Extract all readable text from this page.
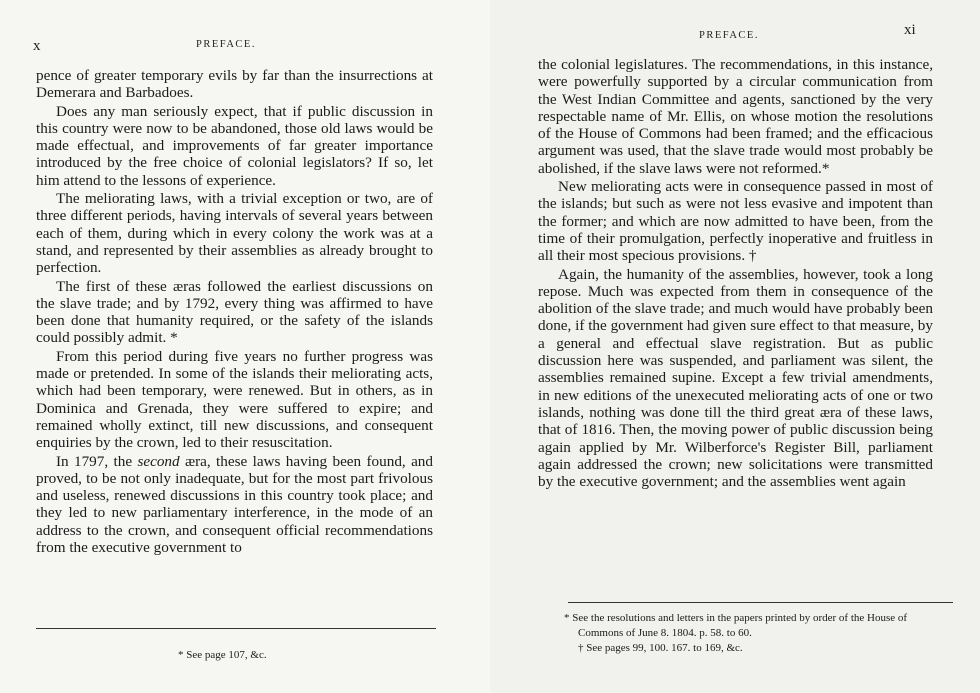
x	PREFACE.

pence of greater temporary evils by far than the insurrections at Demerara and Barbadoes.

Does any man seriously expect, that if public discussion in this country were now to be abandoned, those old laws would be made effectual, and improvements of far greater importance introduced by the free choice of colonial legislators? If so, let him attend to the lessons of experience.

The meliorating laws, with a trivial exception or two, are of three different periods, having intervals of several years between each of them, during which in every colony the work was at a stand, and represented by their assemblies as already brought to perfection.

The first of these æras followed the earliest discussions on the slave trade; and by 1792, every thing was affirmed to have been done that humanity required, or the safety of the islands could possibly admit. *

From this period during five years no further progress was made or pretended. In some of the islands their meliorating acts, which had been temporary, were renewed. But in others, as in Dominica and Grenada, they were suffered to expire; and remained wholly extinct, till new discussions, and consequent enquiries by the crown, led to their resuscitation.

In 1797, the second æra, these laws having been found, and proved, to be not only inadequate, but for the most part frivolous and useless, renewed discussions in this country took place; and they led to new parliamentary interference, in the mode of an address to the crown, and consequent official recommendations from the executive government to

* See page 107, &c.

PREFACE.	xi

the colonial legislatures. The recommendations, in this instance, were powerfully supported by a circular communication from the West Indian Committee and agents, sanctioned by the very respectable name of Mr. Ellis, on whose motion the resolutions of the House of Commons had been framed; and the efficacious argument was used, that the slave trade would most probably be abolished, if the slave laws were not reformed.*

New meliorating acts were in consequence passed in most of the islands; but such as were not less evasive and impotent than the former; and which are now admitted to have been, from the time of their promulgation, perfectly inoperative and fruitless in all their most specious provisions. †

Again, the humanity of the assemblies, however, took a long repose. Much was expected from them in consequence of the abolition of the slave trade; and much would have probably been done, if the government had given sure effect to that measure, by a general and effectual slave registration. But as public discussion here was suspended, and parliament was silent, the assemblies remained supine. Except a few trivial amendments, in new editions of the unexecuted meliorating acts of one or two islands, nothing was done till the third great æra of these laws, that of 1816. Then, the moving power of public discussion being again applied by Mr. Wilberforce's Register Bill, parliament again addressed the crown; new solicitations were transmitted by the executive government; and the assemblies went again

* See the resolutions and letters in the papers printed by order of the House of Commons of June 8. 1804. p. 58. to 60.

† See pages 99, 100. 167. to 169, &c.
